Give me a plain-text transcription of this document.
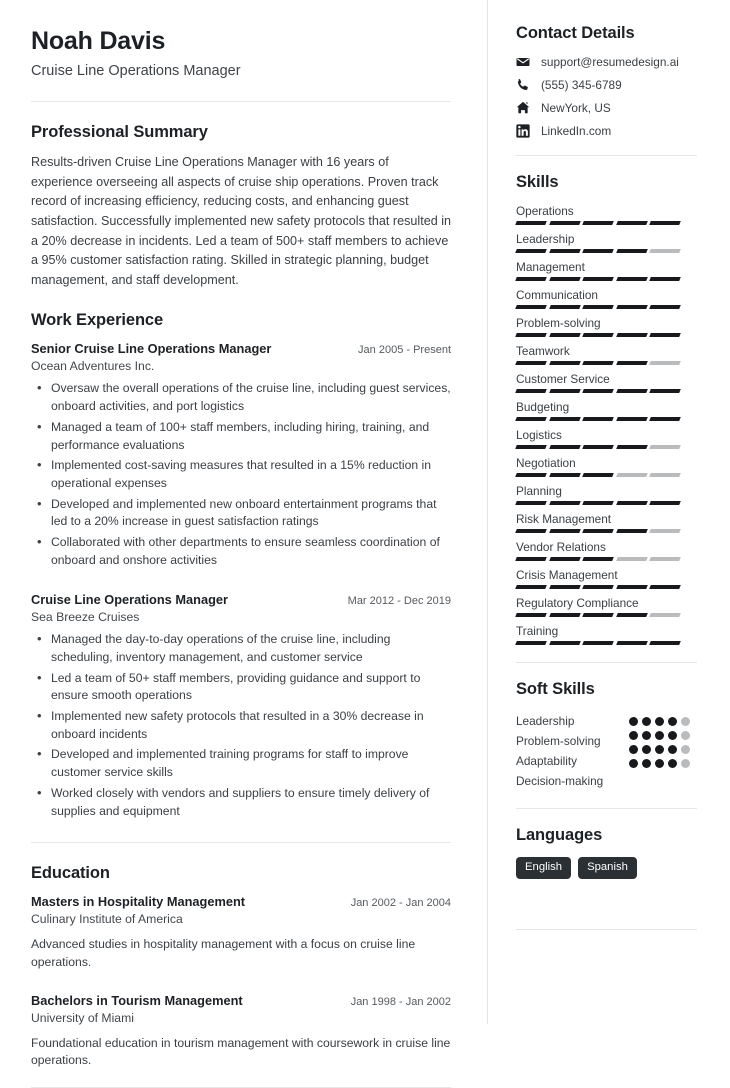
Noah Davis
Cruise Line Operations Manager
Professional Summary
Results-driven Cruise Line Operations Manager with 16 years of experience overseeing all aspects of cruise ship operations. Proven track record of increasing efficiency, reducing costs, and enhancing guest satisfaction. Successfully implemented new safety protocols that resulted in a 20% decrease in incidents. Led a team of 500+ staff members to achieve a 95% customer satisfaction rating. Skilled in strategic planning, budget management, and staff development.
Work Experience
Senior Cruise Line Operations Manager	Jan 2005 - Present
Ocean Adventures Inc.
• Oversaw the overall operations of the cruise line, including guest services, onboard activities, and port logistics
• Managed a team of 100+ staff members, including hiring, training, and performance evaluations
• Implemented cost-saving measures that resulted in a 15% reduction in operational expenses
• Developed and implemented new onboard entertainment programs that led to a 20% increase in guest satisfaction ratings
• Collaborated with other departments to ensure seamless coordination of onboard and onshore activities
Cruise Line Operations Manager	Mar 2012 - Dec 2019
Sea Breeze Cruises
• Managed the day-to-day operations of the cruise line, including scheduling, inventory management, and customer service
• Led a team of 50+ staff members, providing guidance and support to ensure smooth operations
• Implemented new safety protocols that resulted in a 30% decrease in onboard incidents
• Developed and implemented training programs for staff to improve customer service skills
• Worked closely with vendors and suppliers to ensure timely delivery of supplies and equipment
Education
Masters in Hospitality Management	Jan 2002 - Jan 2004
Culinary Institute of America
Advanced studies in hospitality management with a focus on cruise line operations.
Bachelors in Tourism Management	Jan 1998 - Jan 2002
University of Miami
Foundational education in tourism management with coursework in cruise line operations.
Contact Details
support@resumedesign.ai
(555) 345-6789
NewYork, US
LinkedIn.com
Skills
Operations
Leadership
Management
Communication
Problem-solving
Teamwork
Customer Service
Budgeting
Logistics
Negotiation
Planning
Risk Management
Vendor Relations
Crisis Management
Regulatory Compliance
Training
Soft Skills
Leadership
Problem-solving
Adaptability
Decision-making
Languages
English	Spanish
